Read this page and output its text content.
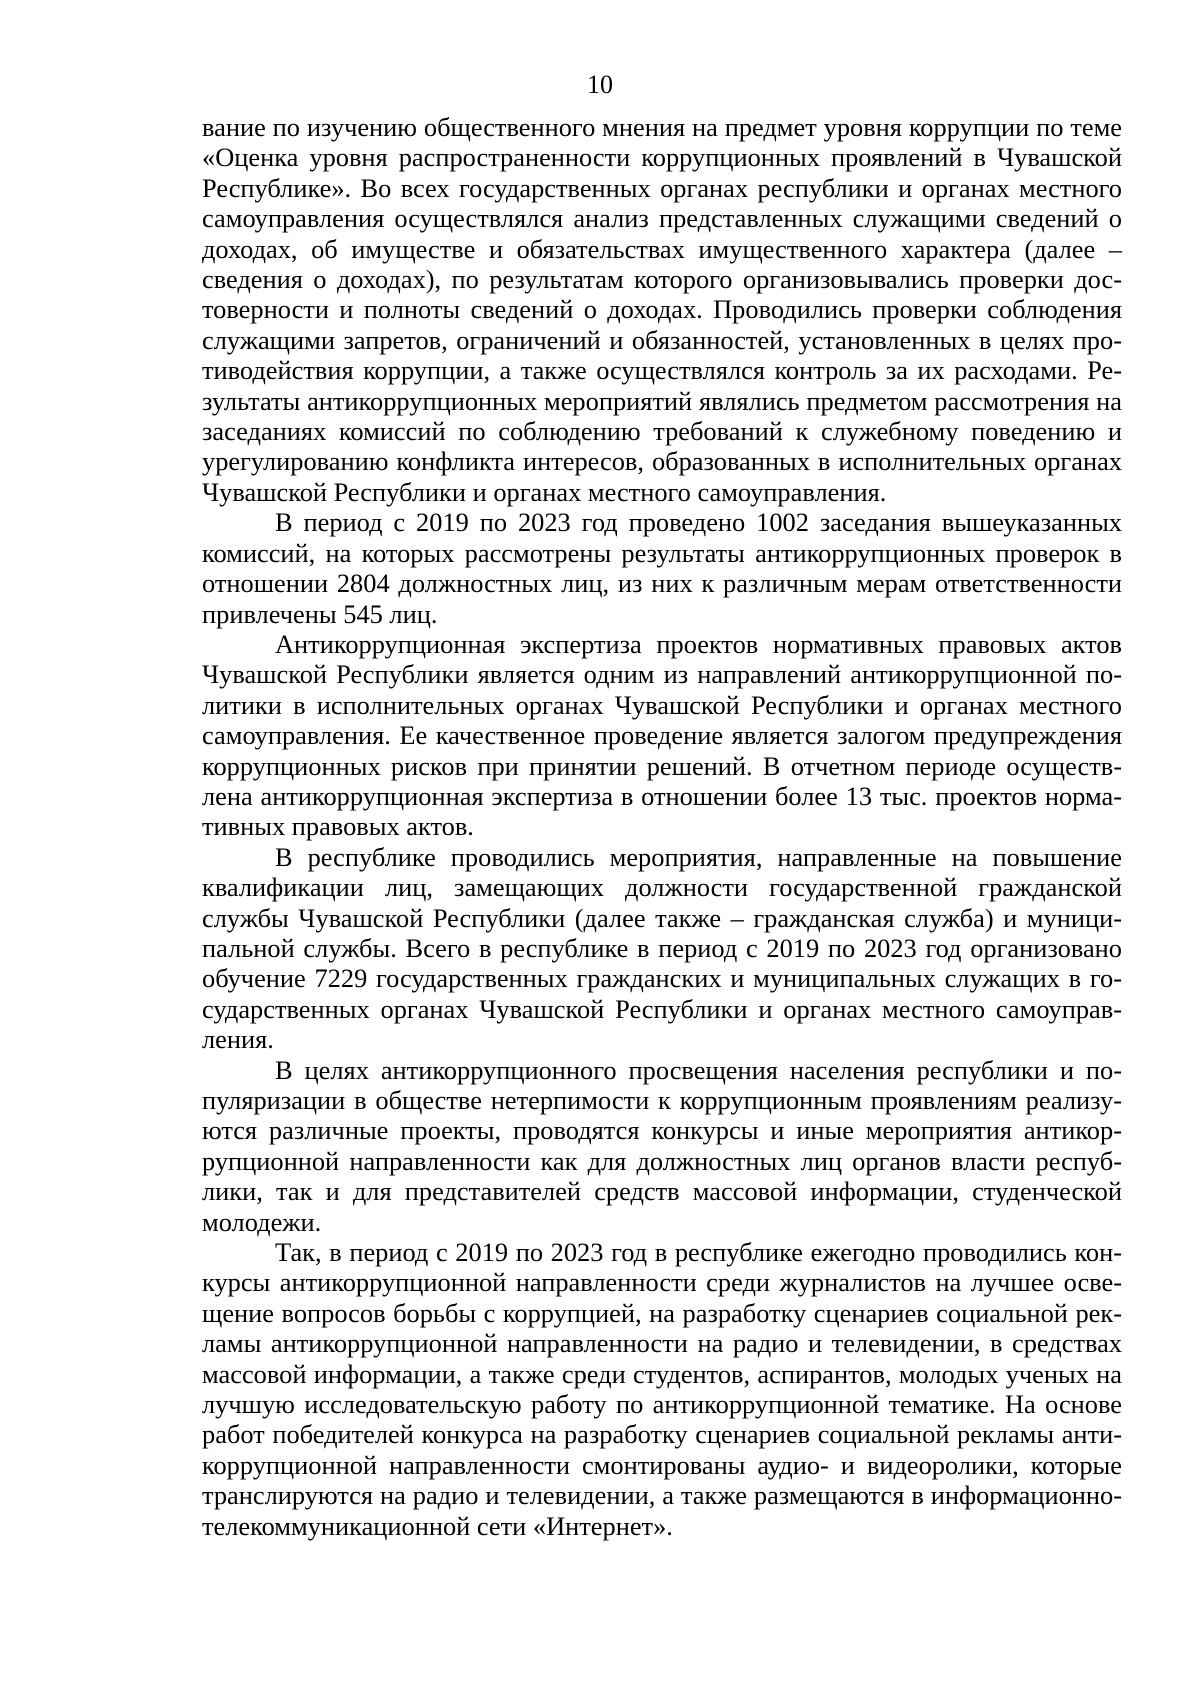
10

вание по изучению общественного мнения на предмет уровня коррупции по теме «Оценка уровня распространенности коррупционных проявлений в Чувашской Республике». Во всех государственных органах республики и органах местного самоуправления осуществлялся анализ представленных служащими сведений о доходах, об имуществе и обязательствах имущественного характера (далее – сведения о доходах), по результатам которого организовывались проверки достоверности и полноты сведений о доходах. Проводились проверки соблюдения служащими запретов, ограничений и обязанностей, установленных в целях противодействия коррупции, а также осуществлялся контроль за их расходами. Результаты антикоррупционных мероприятий являлись предметом рассмотрения на заседаниях комиссий по соблюдению требований к служебному поведению и урегулированию конфликта интересов, образованных в исполнительных органах Чувашской Республики и органах местного самоуправления.

В период с 2019 по 2023 год проведено 1002 заседания вышеуказанных комиссий, на которых рассмотрены результаты антикоррупционных проверок в отношении 2804 должностных лиц, из них к различным мерам ответственности привлечены 545 лиц.

Антикоррупционная экспертиза проектов нормативных правовых актов Чувашской Республики является одним из направлений антикоррупционной политики в исполнительных органах Чувашской Республики и органах местного самоуправления. Ее качественное проведение является залогом предупреждения коррупционных рисков при принятии решений. В отчетном периоде осуществлена антикоррупционная экспертиза в отношении более 13 тыс. проектов нормативных правовых актов.

В республике проводились мероприятия, направленные на повышение квалификации лиц, замещающих должности государственной гражданской службы Чувашской Республики (далее также – гражданская служба) и муниципальной службы. Всего в республике в период с 2019 по 2023 год организовано обучение 7229 государственных гражданских и муниципальных служащих в государственных органах Чувашской Республики и органах местного самоуправления.

В целях антикоррупционного просвещения населения республики и популяризации в обществе нетерпимости к коррупционным проявлениям реализуются различные проекты, проводятся конкурсы и иные мероприятия антикоррупционной направленности как для должностных лиц органов власти республики, так и для представителей средств массовой информации, студенческой молодежи.

Так, в период с 2019 по 2023 год в республике ежегодно проводились конкурсы антикоррупционной направленности среди журналистов на лучшее освещение вопросов борьбы с коррупцией, на разработку сценариев социальной рекламы антикоррупционной направленности на радио и телевидении, в средствах массовой информации, а также среди студентов, аспирантов, молодых ученых на лучшую исследовательскую работу по антикоррупционной тематике. На основе работ победителей конкурса на разработку сценариев социальной рекламы антикоррупционной направленности смонтированы аудио- и видеоролики, которые транслируются на радио и телевидении, а также размещаются в информационно-телекоммуникационной сети «Интернет».
